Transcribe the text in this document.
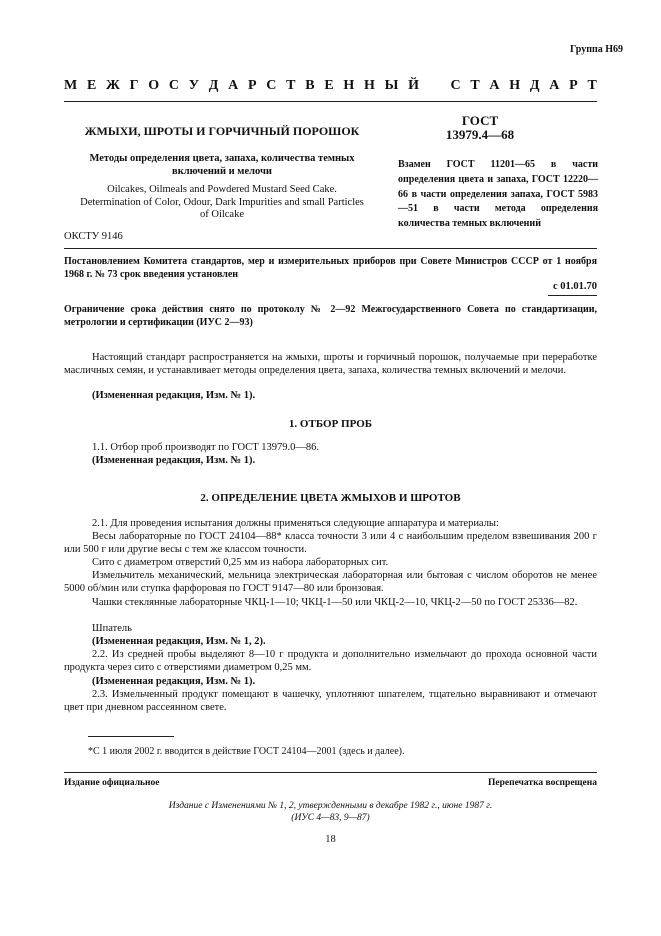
Группа Н69
М Е Ж Г О С У Д А Р С Т В Е Н Н Ы Й С Т А Н Д А Р Т
ЖМЫХИ, ШРОТЫ И ГОРЧИЧНЫЙ ПОРОШОК
Методы определения цвета, запаха, количества темных
включений и мелочи
Oilcakes, Oilmeals and Powdered Mustard Seed Cake.
Determination of Color, Odour, Dark Impurities and small Particles
of Oilcake
ОКСТУ 9146
ГОСТ
13979.4—68
Взамен ГОСТ 11201—65 в части определения цвета и запаха, ГОСТ 12220—66 в части определения запаха, ГОСТ 5983—51 в части метода определения количества темных включений
Постановлением Комитета стандартов, мер и измерительных приборов при Совете Министров СССР от 1 ноября 1968 г. № 73 срок введения установлен
с 01.01.70
Ограничение срока действия снято по протоколу № 2—92 Межгосударственного Совета по стандартизации, метрологии и сертификации (ИУС 2—93)
Настоящий стандарт распространяется на жмыхи, шроты и горчичный порошок, получаемые при переработке масличных семян, и устанавливает методы определения цвета, запаха, количества темных включений и мелочи.
(Измененная редакция, Изм. № 1).
1. ОТБОР ПРОБ
1.1. Отбор проб производят по ГОСТ 13979.0—86.
(Измененная редакция, Изм. № 1).
2. ОПРЕДЕЛЕНИЕ ЦВЕТА ЖМЫХОВ И ШРОТОВ
2.1. Для проведения испытания должны применяться следующие аппаратура и материалы:
Весы лабораторные по ГОСТ 24104—88* класса точности 3 или 4 с наибольшим пределом взвешивания 200 г или 500 г или другие весы с тем же классом точности.
Сито с диаметром отверстий 0,25 мм из набора лабораторных сит.
Измельчитель механический, мельница электрическая лабораторная или бытовая с числом оборотов не менее 5000 об/мин или ступка фарфоровая по ГОСТ 9147—80 или бронзовая.
Чашки стеклянные лабораторные ЧКЦ-1—10; ЧКЦ-1—50 или ЧКЦ-2—10, ЧКЦ-2—50 по ГОСТ 25336—82.
Шпатель
(Измененная редакция, Изм. № 1, 2).
2.2. Из средней пробы выделяют 8—10 г продукта и дополнительно измельчают до прохода основной части продукта через сито с отверстиями диаметром 0,25 мм.
(Измененная редакция, Изм. № 1).
2.3. Измельченный продукт помещают в чашечку, уплотняют шпателем, тщательно выравнивают и отмечают цвет при дневном рассеянном свете.
*С 1 июля 2002 г. вводится в действие ГОСТ 24104—2001 (здесь и далее).
Издание официальное	Перепечатка воспрещена
Издание с Изменениями № 1, 2, утвержденными в декабре 1982 г., июне 1987 г.
(ИУС 4—83, 9—87)
18
